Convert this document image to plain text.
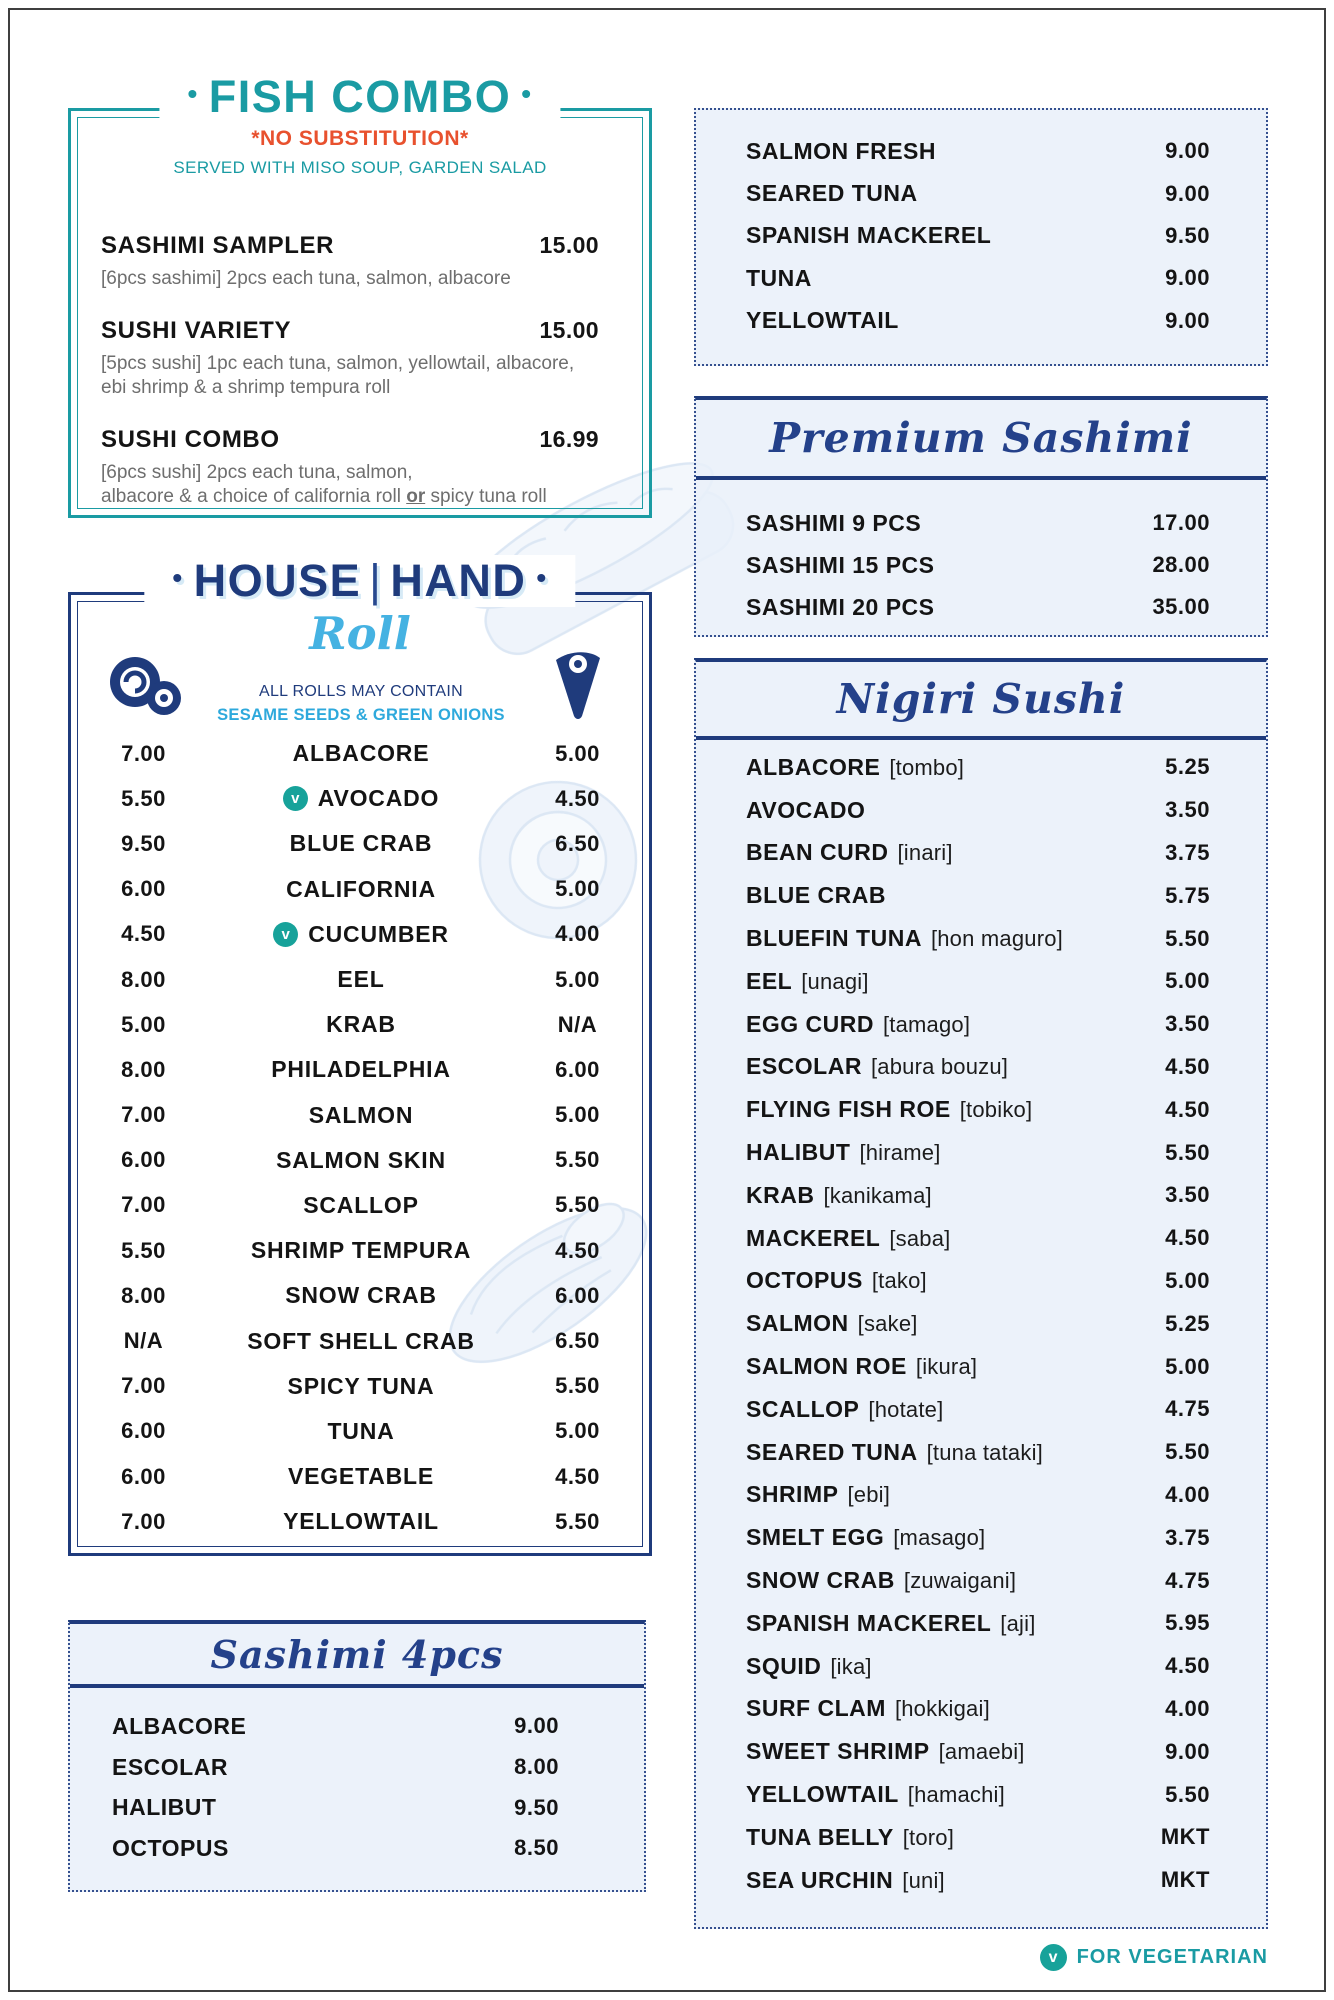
• FISH COMBO •
*NO SUBSTITUTION*
SERVED WITH MISO SOUP, GARDEN SALAD
SASHIMI SAMPLER	15.00
[6pcs sashimi] 2pcs each tuna, salmon, albacore
SUSHI VARIETY	15.00
[5pcs sushi] 1pc each tuna, salmon, yellowtail, albacore,
ebi shrimp & a shrimp tempura roll
SUSHI COMBO	16.99
[6pcs sushi] 2pcs each tuna, salmon,
albacore & a choice of california roll or spicy tuna roll
SALMON FRESH	9.00
SEARED TUNA	9.00
SPANISH MACKEREL	9.50
TUNA	9.00
YELLOWTAIL	9.00
Premium Sashimi
SASHIMI 9 PCS	17.00
SASHIMI 15 PCS	28.00
SASHIMI 20 PCS	35.00
Nigiri Sushi
ALBACORE [tombo]	5.25
AVOCADO	3.50
BEAN CURD [inari]	3.75
BLUE CRAB	5.75
BLUEFIN TUNA [hon maguro]	5.50
EEL [unagi]	5.00
EGG CURD [tamago]	3.50
ESCOLAR [abura bouzu]	4.50
FLYING FISH ROE [tobiko]	4.50
HALIBUT [hirame]	5.50
KRAB [kanikama]	3.50
MACKEREL [saba]	4.50
OCTOPUS [tako]	5.00
SALMON [sake]	5.25
SALMON ROE [ikura]	5.00
SCALLOP [hotate]	4.75
SEARED TUNA [tuna tataki]	5.50
SHRIMP [ebi]	4.00
SMELT EGG [masago]	3.75
SNOW CRAB [zuwaigani]	4.75
SPANISH MACKEREL [aji]	5.95
SQUID [ika]	4.50
SURF CLAM [hokkigai]	4.00
SWEET SHRIMP [amaebi]	9.00
YELLOWTAIL [hamachi]	5.50
TUNA BELLY [toro]	MKT
SEA URCHIN [uni]	MKT
• HOUSE | HAND •
Roll
ALL ROLLS MAY CONTAIN
SESAME SEEDS & GREEN ONIONS
7.00	ALBACORE	5.00
5.50	v AVOCADO	4.50
9.50	BLUE CRAB	6.50
6.00	CALIFORNIA	5.00
4.50	v CUCUMBER	4.00
8.00	EEL	5.00
5.00	KRAB	N/A
8.00	PHILADELPHIA	6.00
7.00	SALMON	5.00
6.00	SALMON SKIN	5.50
7.00	SCALLOP	5.50
5.50	SHRIMP TEMPURA	4.50
8.00	SNOW CRAB	6.00
N/A	SOFT SHELL CRAB	6.50
7.00	SPICY TUNA	5.50
6.00	TUNA	5.00
6.00	VEGETABLE	4.50
7.00	YELLOWTAIL	5.50
Sashimi 4pcs
ALBACORE	9.00
ESCOLAR	8.00
HALIBUT	9.50
OCTOPUS	8.50
v FOR VEGETARIAN
